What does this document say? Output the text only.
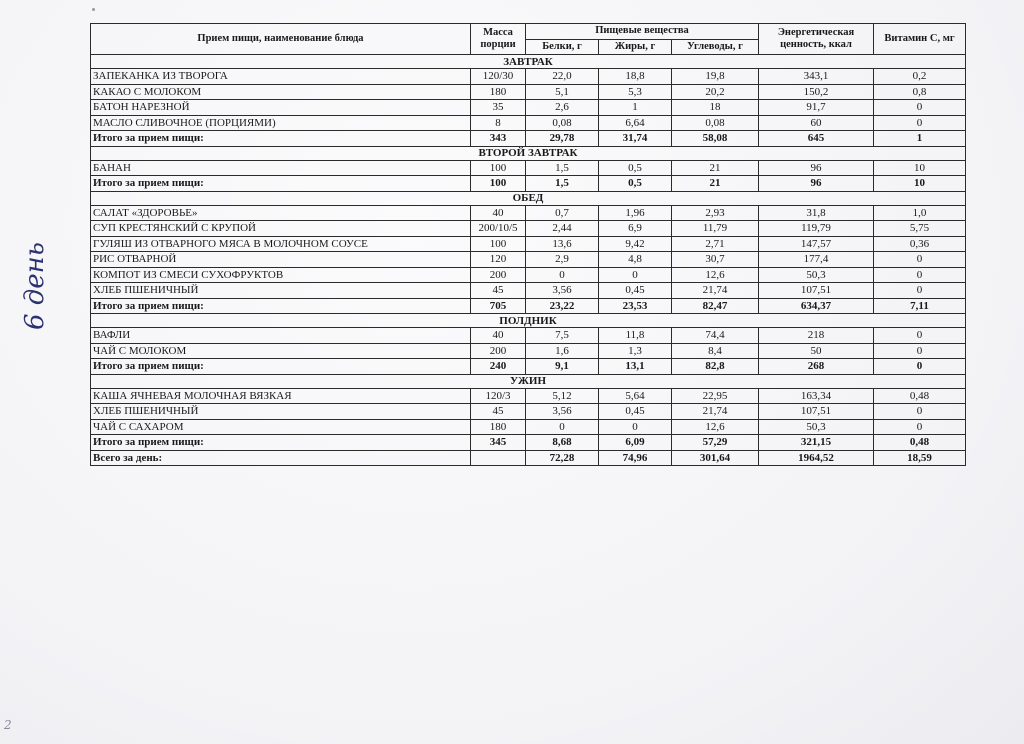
6 день
2
Прием пищи, наименование блюда	Масса порции	Пищевые вещества			Энергетическая ценность, ккал	Витамин С, мг
		Белки, г	Жиры, г	Углеводы, г		
ЗАВТРАК						
ЗАПЕКАНКА ИЗ ТВОРОГА	120/30	22,0	18,8	19,8	343,1	0,2
КАКАО С МОЛОКОМ	180	5,1	5,3	20,2	150,2	0,8
БАТОН НАРЕЗНОЙ	35	2,6	1	18	91,7	0
МАСЛО СЛИВОЧНОЕ (ПОРЦИЯМИ)	8	0,08	6,64	0,08	60	0
Итого за прием пищи:	343	29,78	31,74	58,08	645	1
ВТОРОЙ ЗАВТРАК						
БАНАН	100	1,5	0,5	21	96	10
Итого за прием пищи:	100	1,5	0,5	21	96	10
ОБЕД						
САЛАТ «ЗДОРОВЬЕ»	40	0,7	1,96	2,93	31,8	1,0
СУП КРЕСТЯНСКИЙ С КРУПОЙ	200/10/5	2,44	6,9	11,79	119,79	5,75
ГУЛЯШ ИЗ ОТВАРНОГО МЯСА В МОЛОЧНОМ СОУСЕ	100	13,6	9,42	2,71	147,57	0,36
РИС ОТВАРНОЙ	120	2,9	4,8	30,7	177,4	0
КОМПОТ ИЗ СМЕСИ СУХОФРУКТОВ	200	0	0	12,6	50,3	0
ХЛЕБ ПШЕНИЧНЫЙ	45	3,56	0,45	21,74	107,51	0
Итого за прием пищи:	705	23,22	23,53	82,47	634,37	7,11
ПОЛДНИК						
ВАФЛИ	40	7,5	11,8	74,4	218	0
ЧАЙ С МОЛОКОМ	200	1,6	1,3	8,4	50	0
Итого за прием пищи:	240	9,1	13,1	82,8	268	0
УЖИН						
КАША ЯЧНЕВАЯ МОЛОЧНАЯ ВЯЗКАЯ	120/3	5,12	5,64	22,95	163,34	0,48
ХЛЕБ ПШЕНИЧНЫЙ	45	3,56	0,45	21,74	107,51	0
ЧАЙ С САХАРОМ	180	0	0	12,6	50,3	0
Итого за прием пищи:	345	8,68	6,09	57,29	321,15	0,48
Всего за день:		72,28	74,96	301,64	1964,52	18,59
